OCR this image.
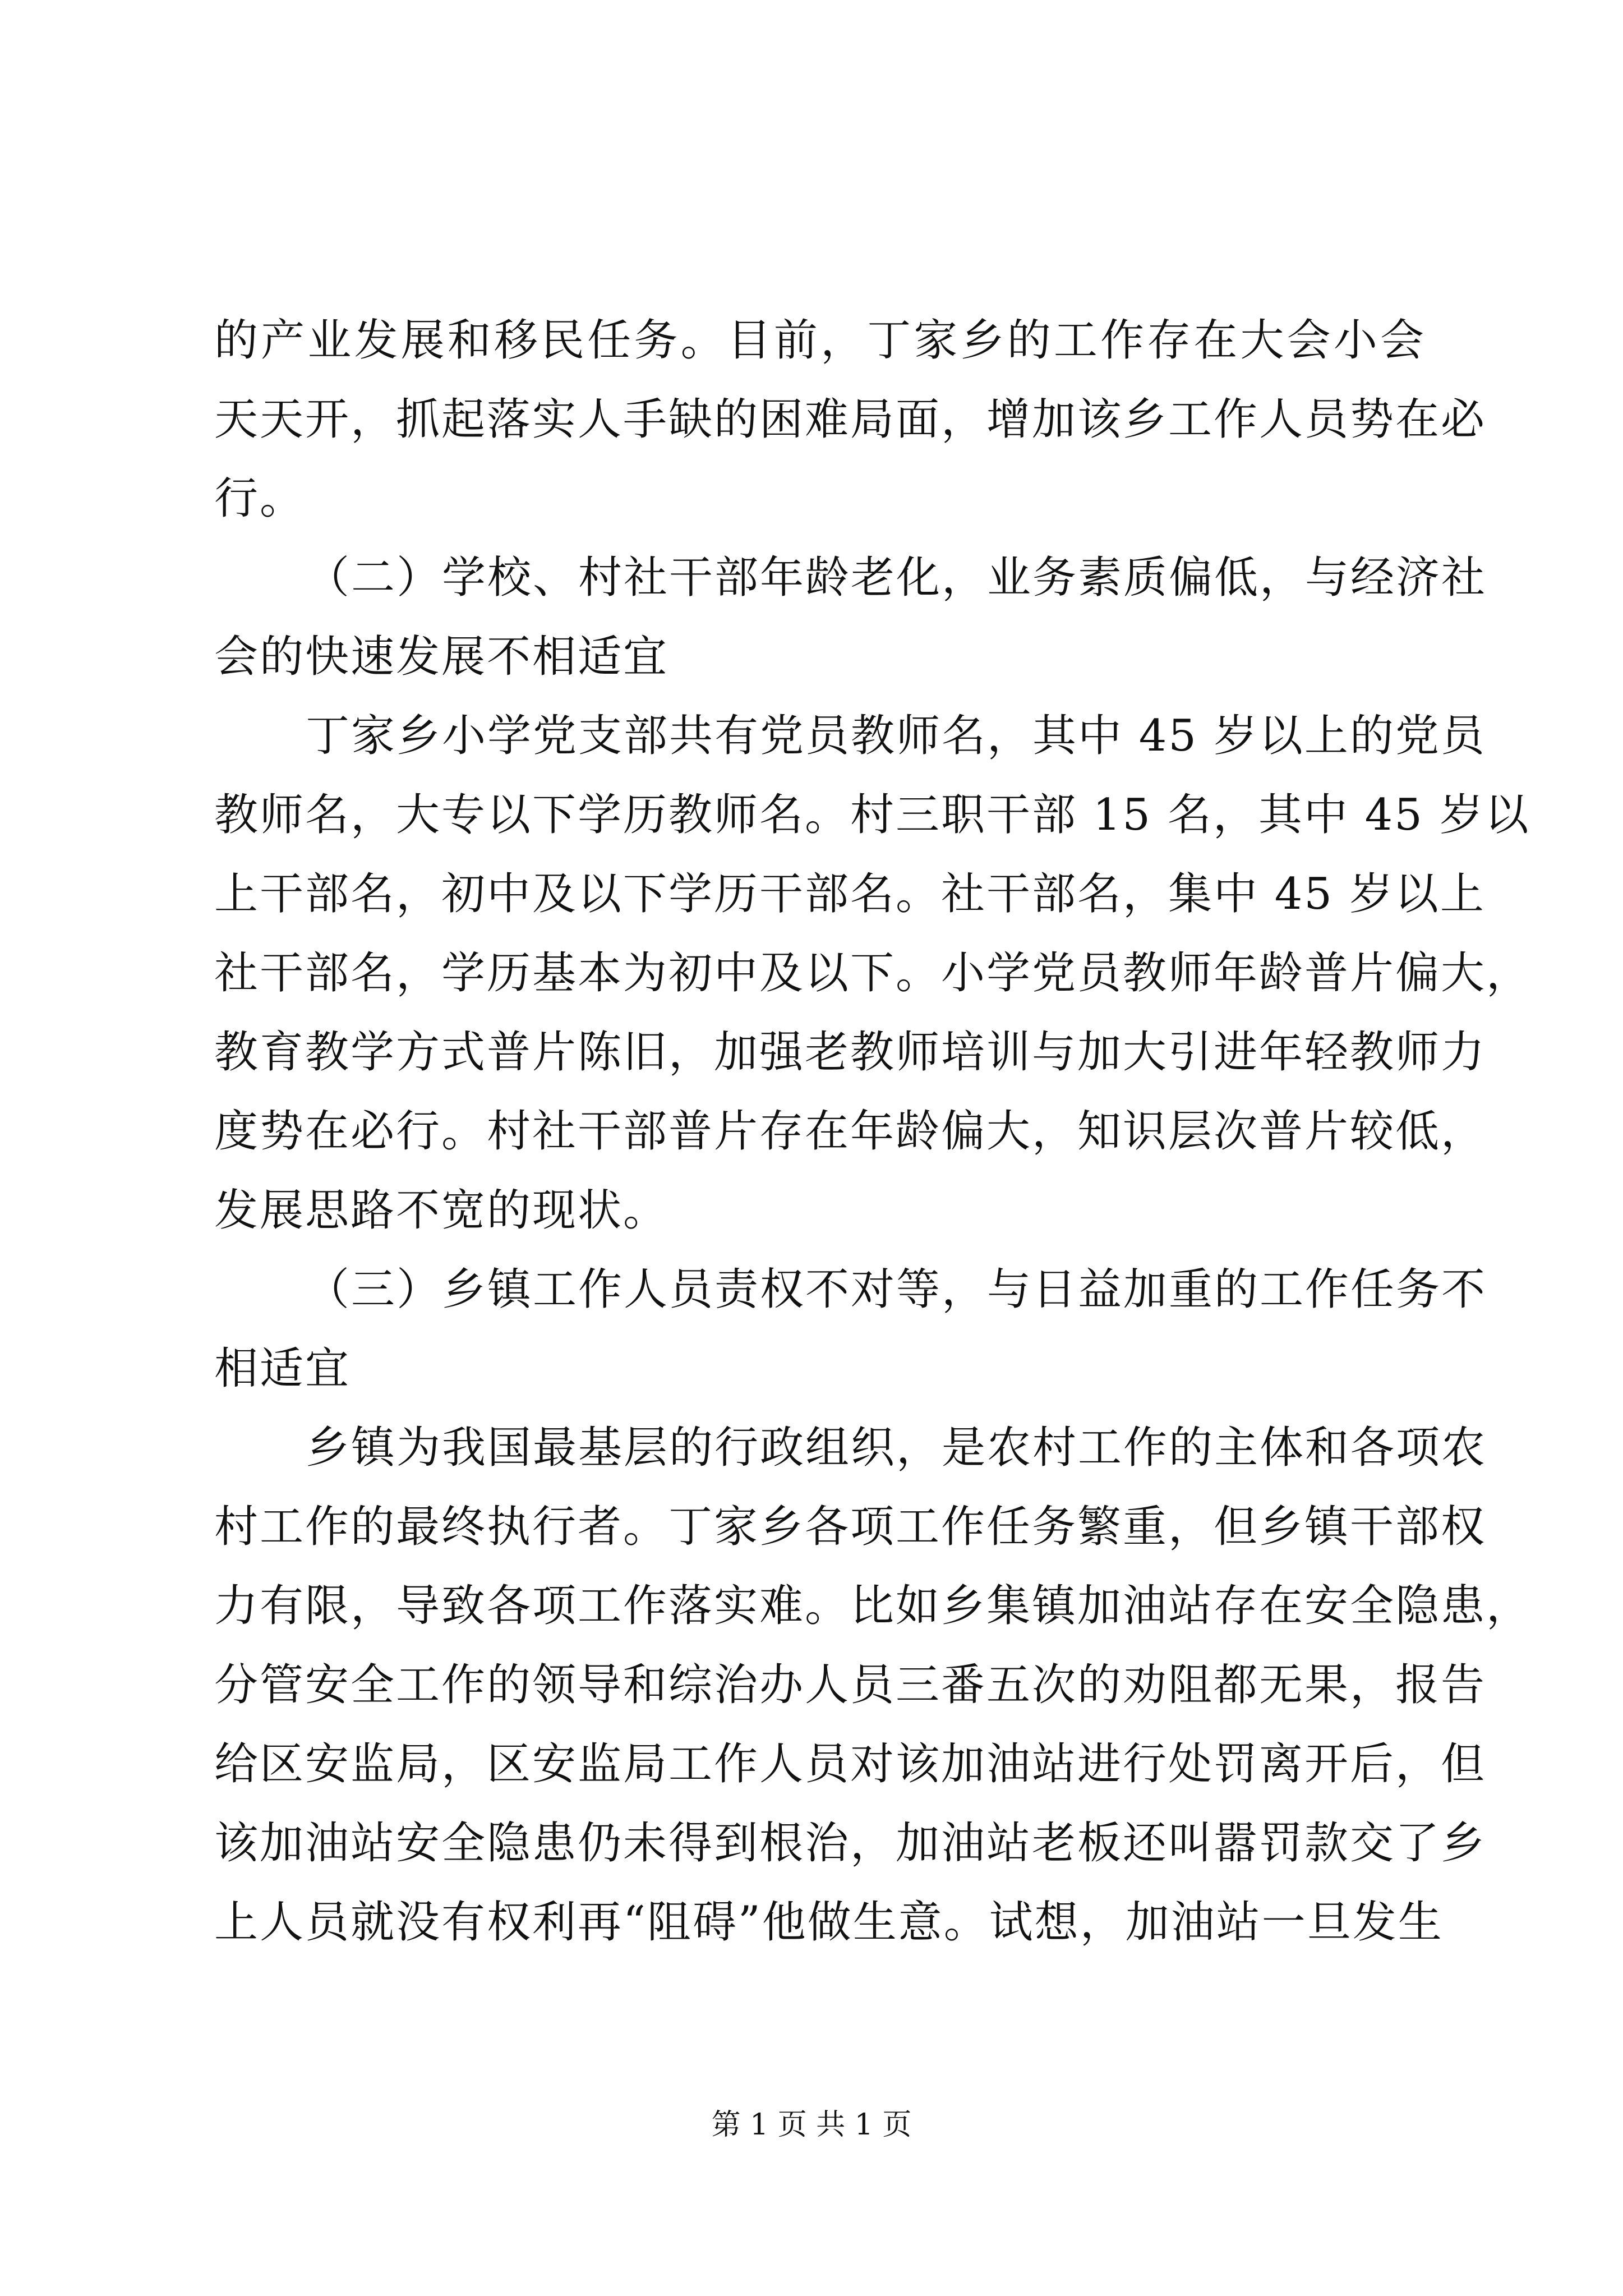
的产业发展和移民任务。目前，丁家乡的工作存在大会小会
天天开，抓起落实人手缺的困难局面，增加该乡工作人员势在必
行。
（二）学校、村社干部年龄老化，业务素质偏低，与经济社
会的快速发展不相适宜
丁家乡小学党支部共有党员教师名，其中 45 岁以上的党员
教师名，大专以下学历教师名。村三职干部 15 名，其中 45 岁以
上干部名，初中及以下学历干部名。社干部名，集中 45 岁以上
社干部名，学历基本为初中及以下。小学党员教师年龄普片偏大，
教育教学方式普片陈旧，加强老教师培训与加大引进年轻教师力
度势在必行。村社干部普片存在年龄偏大，知识层次普片较低，
发展思路不宽的现状。
（三）乡镇工作人员责权不对等，与日益加重的工作任务不
相适宜
乡镇为我国最基层的行政组织，是农村工作的主体和各项农
村工作的最终执行者。丁家乡各项工作任务繁重，但乡镇干部权
力有限，导致各项工作落实难。比如乡集镇加油站存在安全隐患，
分管安全工作的领导和综治办人员三番五次的劝阻都无果，报告
给区安监局，区安监局工作人员对该加油站进行处罚离开后，但
该加油站安全隐患仍未得到根治，加油站老板还叫嚣罚款交了乡
上人员就没有权利再“阻碍”他做生意。试想，加油站一旦发生
第 1 页 共 1 页
